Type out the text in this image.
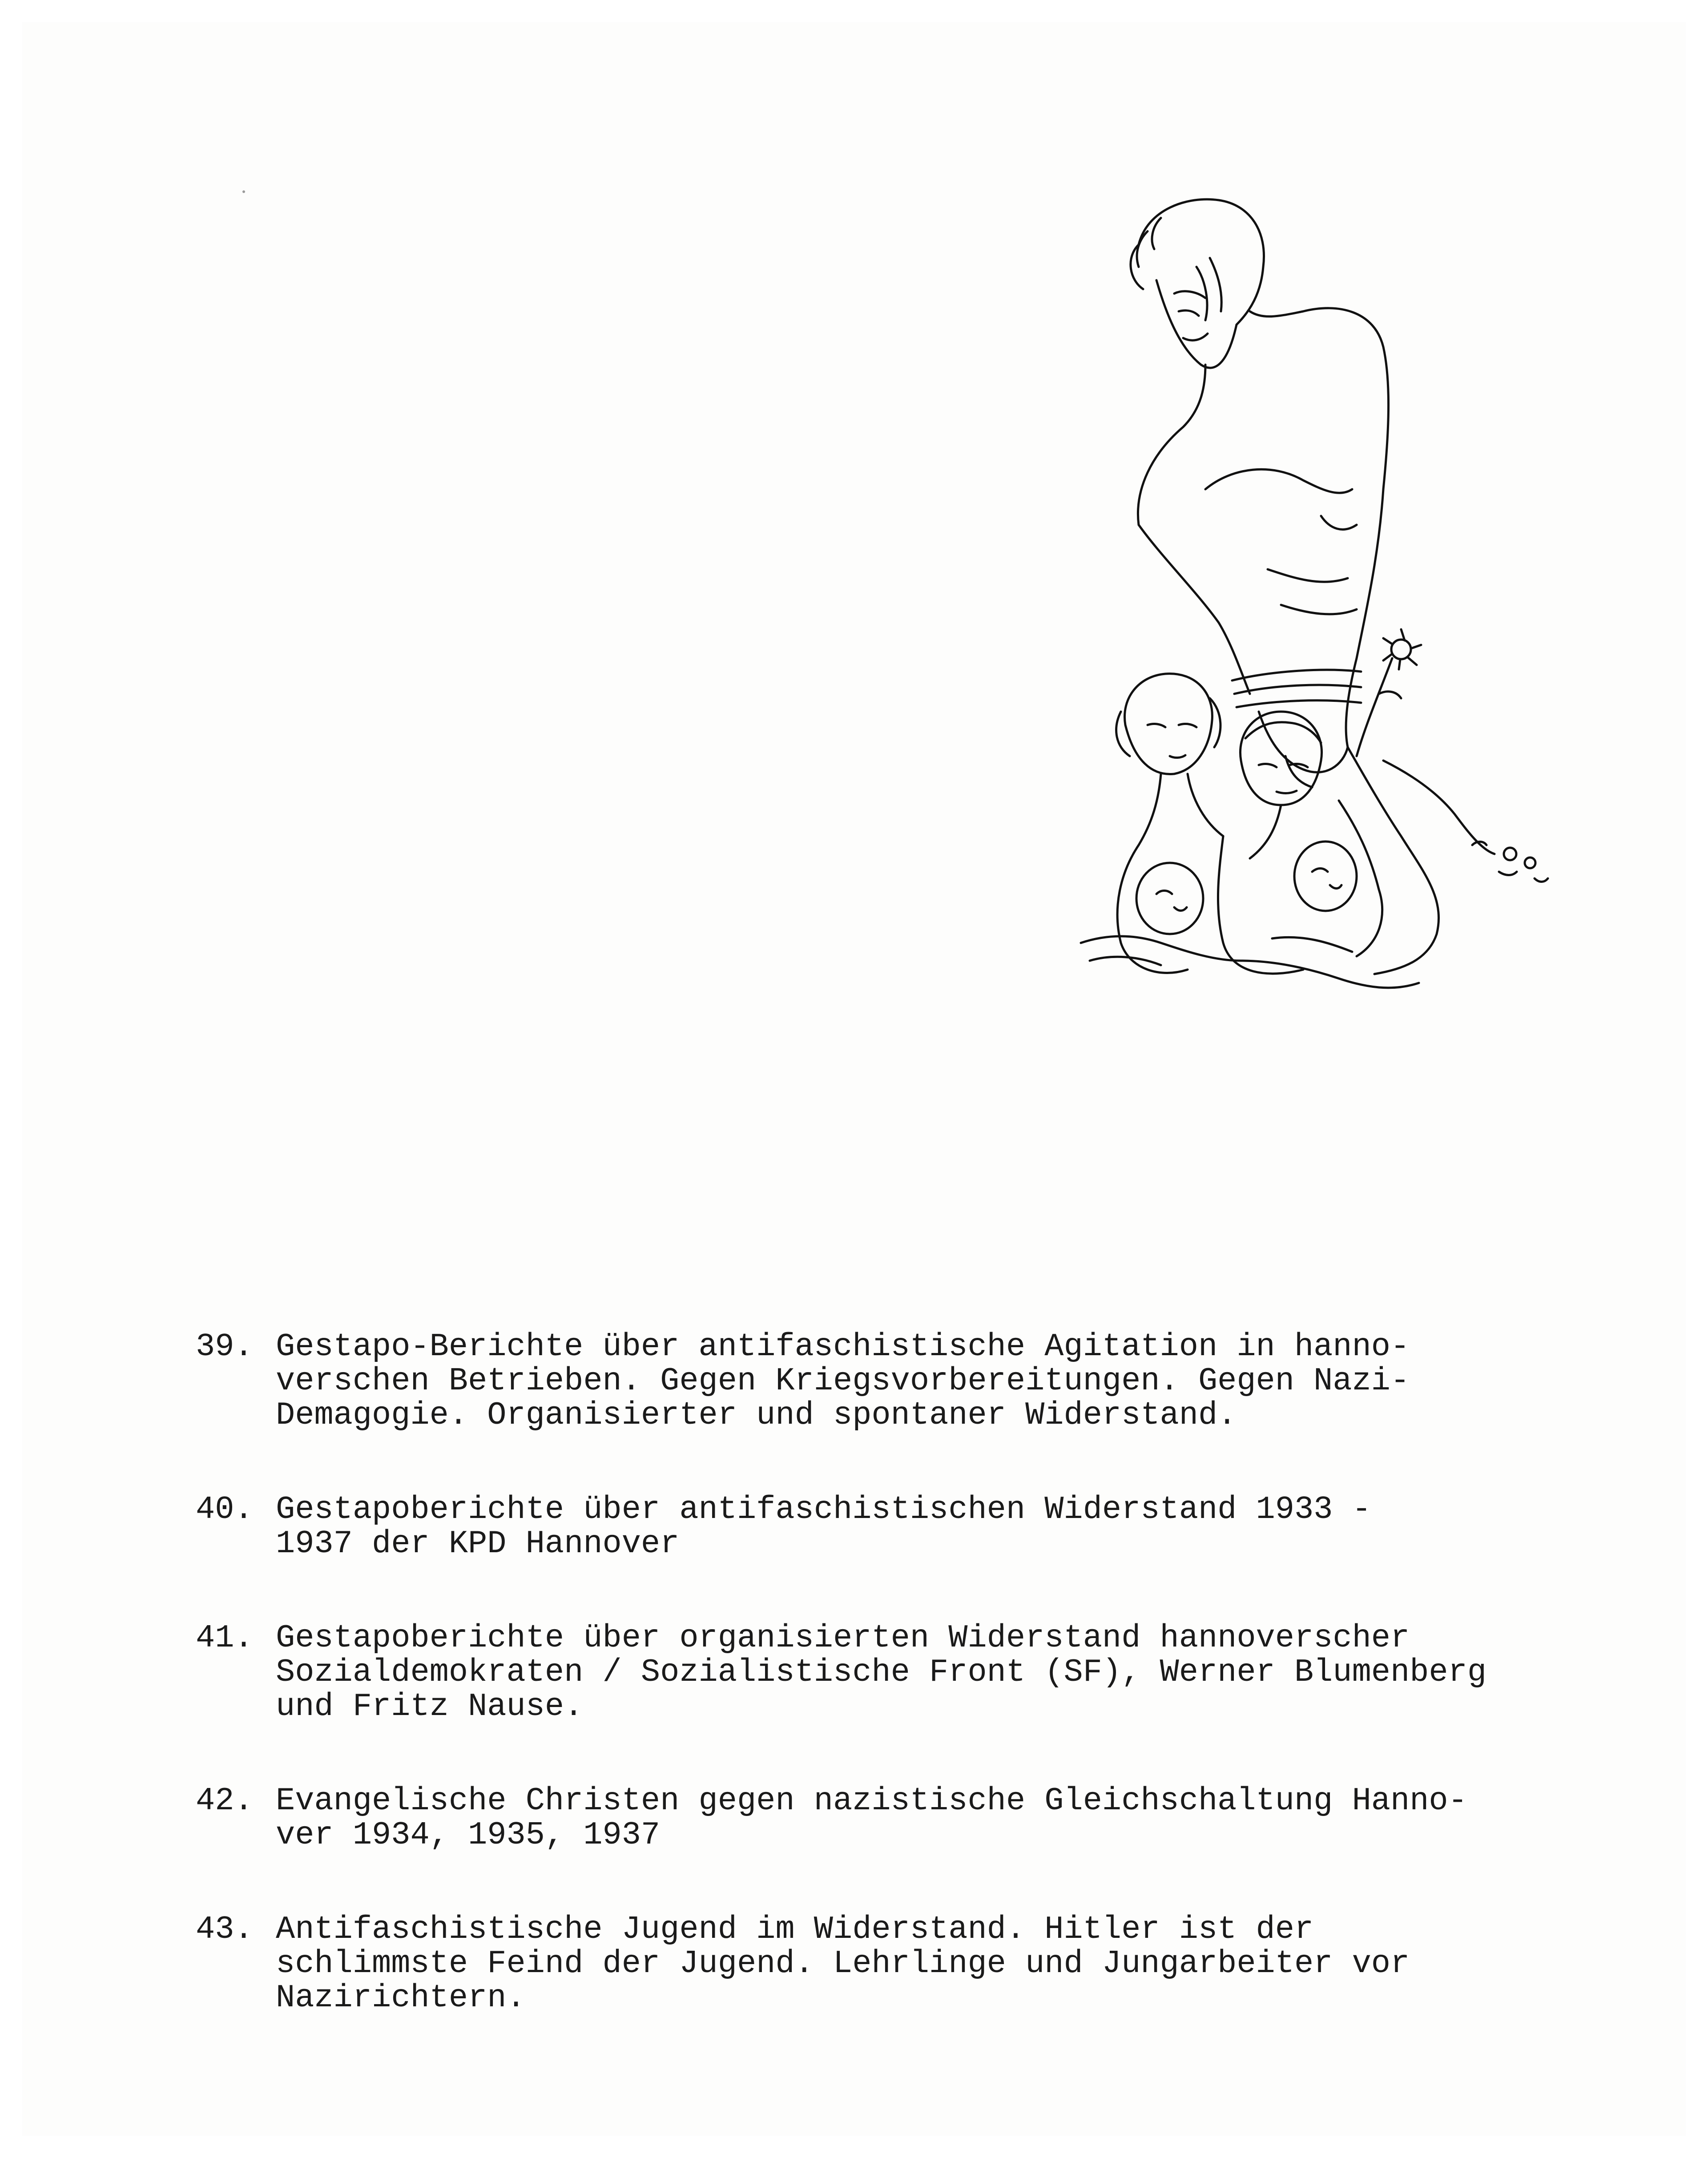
39. Gestapo-Berichte über antifaschistische Agitation in hanno-
verschen Betrieben. Gegen Kriegsvorbereitungen. Gegen Nazi-
Demagogie. Organisierter und spontaner Widerstand.
40. Gestapoberichte über antifaschistischen Widerstand 1933 -
1937 der KPD Hannover
41. Gestapoberichte über organisierten Widerstand hannoverscher
Sozialdemokraten / Sozialistische Front (SF), Werner Blumenberg
und Fritz Nause.
42. Evangelische Christen gegen nazistische Gleichschaltung Hanno-
ver 1934, 1935, 1937
43. Antifaschistische Jugend im Widerstand. Hitler ist der
schlimmste Feind der Jugend. Lehrlinge und Jungarbeiter vor
Nazirichtern.
